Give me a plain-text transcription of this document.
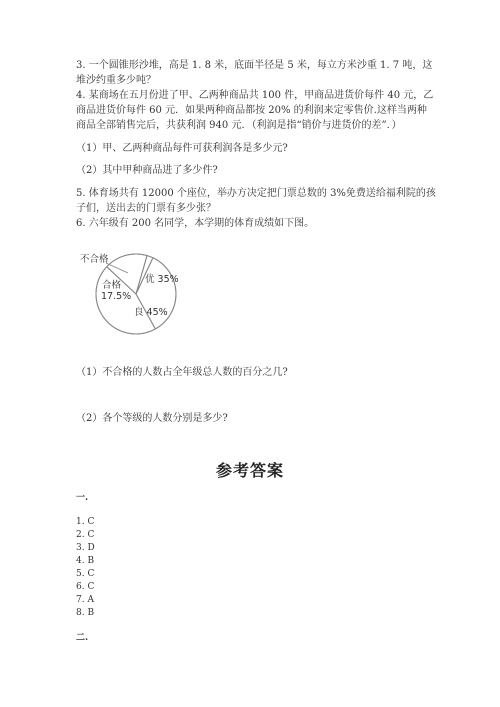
3. 一个圆锥形沙堆，高是 1. 8 米，底面半径是 5 米，每立方米沙重 1. 7 吨，这
堆沙约重多少吨？
4. 某商场在五月份进了甲、乙两种商品共 100 件，甲商品进货价每件 40 元，乙
商品进货价每件 60 元．如果两种商品都按 20% 的利润来定零售价.这样当两种
商品全部销售完后，共获利润 940 元．（利润是指“销价与进货价的差”．）
（1）甲、乙两种商品每件可获利润各是多少元?
（2）其中甲种商品进了多少件?
5. 体育场共有 12000 个座位，举办方决定把门票总数的 3%免费送给福利院的孩
子们，送出去的门票有多少张？
6. 六年级有 200 名同学，本学期的体育成绩如下图。
不合格
优 35%
合格
17.5%
良 45%
（1）不合格的人数占全年级总人数的百分之几?
（2）各个等级的人数分别是多少?
参考答案
一.
1. C
2. C
3. D
4. B
5. C
6. C
7. A
8. B
二.
